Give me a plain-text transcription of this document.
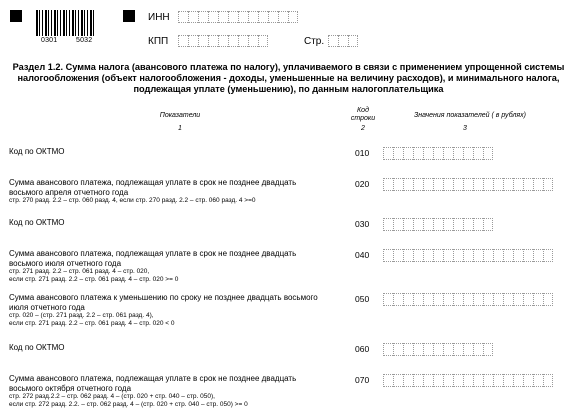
0301	5032
ИНН
КПП	Стр.
Раздел 1.2. Сумма налога (авансового платежа по налогу), уплачиваемого в связи с применением упрощенной системы налогообложения (объект налогообложения - доходы, уменьшенные на величину расходов), и минимального налога, подлежащая уплате (уменьшению), по данным налогоплательщика
Показатели
1
Код строки
2
Значения показателей ( в рублях)
3
Код по ОКТМО	010
Сумма авансового платежа, подлежащая уплате в срок не позднее двадцать восьмого апреля отчетного года
стр. 270 разд. 2.2 – стр. 060 разд. 4, если стр. 270 разд. 2.2 – стр. 060 разд. 4 >=0
020
Код по ОКТМО	030
Сумма авансового платежа, подлежащая уплате в срок не позднее двадцать восьмого июля отчетного года
стр. 271 разд. 2.2 – стр. 061 разд. 4 – стр. 020,
если стр. 271 разд. 2.2 – стр. 061 разд. 4 – стр. 020 >= 0
040
Сумма авансового платежа к уменьшению по сроку не позднее двадцать восьмого июля отчетного года
стр. 020 – (стр. 271 разд. 2.2 – стр. 061 разд. 4),
если стр. 271 разд. 2.2 – стр. 061 разд. 4 – стр. 020 < 0
050
Код по ОКТМО	060
Сумма авансового платежа, подлежащая уплате в срок не позднее двадцать восьмого октября отчетного года
стр. 272 разд.2.2 – стр. 062 разд. 4 – (стр. 020 + стр. 040 – стр. 050),
если стр. 272 разд. 2.2. – стр. 062 разд. 4 – (стр. 020 + стр. 040 – стр. 050) >= 0
070
